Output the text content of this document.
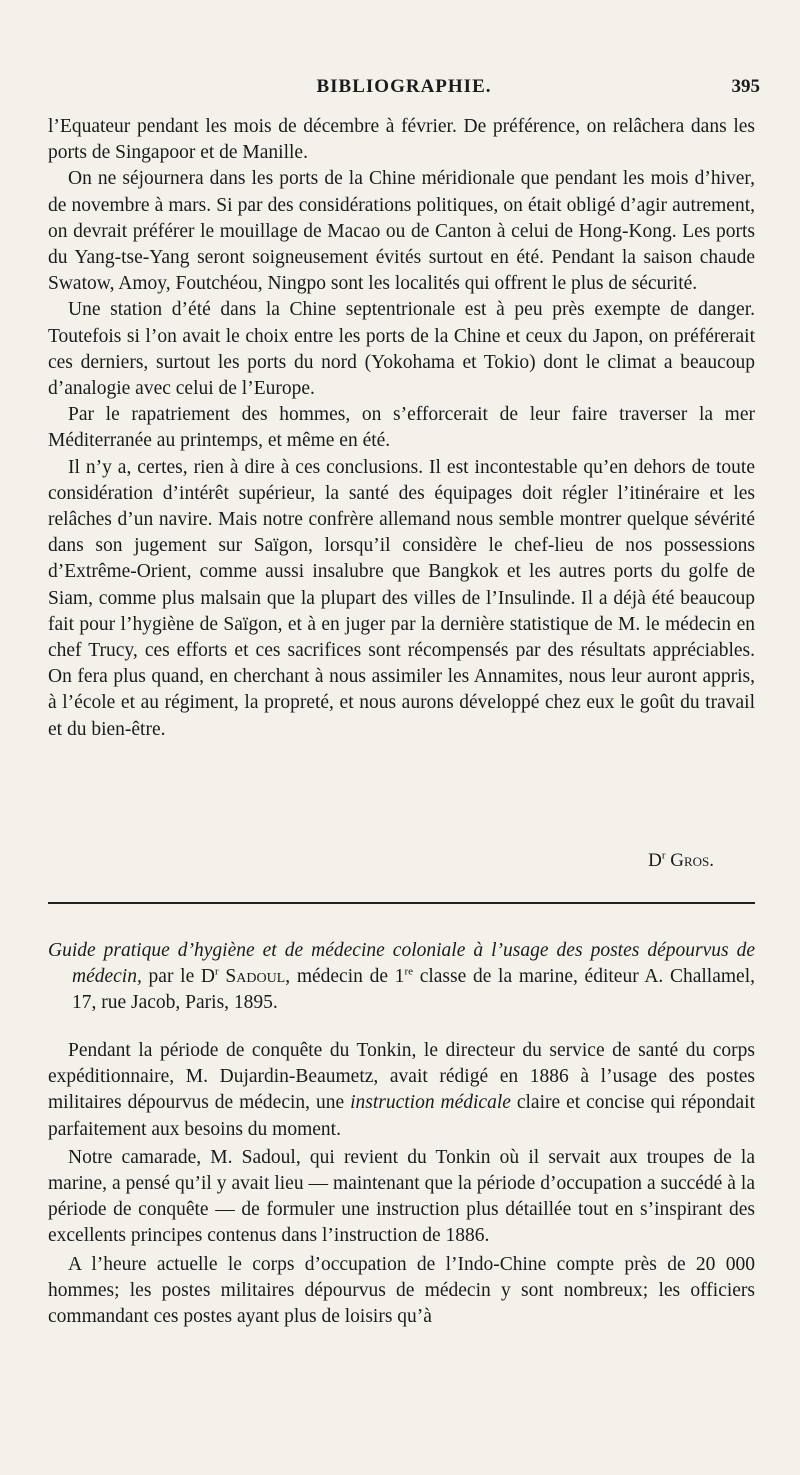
BIBLIOGRAPHIE.	395

l’Equateur pendant les mois de décembre à février. De préférence, on relâchera dans les ports de Singapoor et de Manille.

On ne séjournera dans les ports de la Chine méridionale que pendant les mois d’hiver, de novembre à mars. Si par des considérations politiques, on était obligé d’agir autrement, on devrait préférer le mouillage de Macao ou de Canton à celui de Hong-Kong. Les ports du Yang-tse-Yang seront soigneusement évités surtout en été. Pendant la saison chaude Swatow, Amoy, Foutchéou, Ningpo sont les localités qui offrent le plus de sécurité.

Une station d’été dans la Chine septentrionale est à peu près exempte de danger. Toutefois si l’on avait le choix entre les ports de la Chine et ceux du Japon, on préférerait ces derniers, surtout les ports du nord (Yokohama et Tokio) dont le climat a beaucoup d’analogie avec celui de l’Europe.

Par le rapatriement des hommes, on s’efforcerait de leur faire traverser la mer Méditerranée au printemps, et même en été.

Il n’y a, certes, rien à dire à ces conclusions. Il est incontestable qu’en dehors de toute considération d’intérêt supérieur, la santé des équipages doit régler l’itinéraire et les relâches d’un navire. Mais notre confrère allemand nous semble montrer quelque sévérité dans son jugement sur Saïgon, lorsqu’il considère le chef-lieu de nos possessions d’Extrême-Orient, comme aussi insalubre que Bangkok et les autres ports du golfe de Siam, comme plus malsain que la plupart des villes de l’Insulinde. Il a déjà été beaucoup fait pour l’hygiène de Saïgon, et à en juger par la dernière statistique de M. le médecin en chef Trucy, ces efforts et ces sacrifices sont récompensés par des résultats appréciables. On fera plus quand, en cherchant à nous assimiler les Annamites, nous leur auront appris, à l’école et au régiment, la propreté, et nous aurons développé chez eux le goût du travail et du bien-être.

$D^r$ Gros.

Guide pratique d’hygiène et de médecine coloniale à l’usage des postes dépourvus de médecin, par le $D^r$ Sadoul, médecin de 1re classe de la marine, éditeur A. Challamel, 17, rue Jacob, Paris, 1895.

Pendant la période de conquête du Tonkin, le directeur du service de santé du corps expéditionnaire, M. Dujardin-Beaumetz, avait rédigé en 1886 à l’usage des postes militaires dépourvus de médecin, une instruction médicale claire et concise qui répondait parfaitement aux besoins du moment.

Notre camarade, M. Sadoul, qui revient du Tonkin où il servait aux troupes de la marine, a pensé qu’il y avait lieu — maintenant que la période d’occupation a succédé à la période de conquête — de formuler une instruction plus détaillée tout en s’inspirant des excellents principes contenus dans l’instruction de 1886.

A l’heure actuelle le corps d’occupation de l’Indo-Chine compte près de 20 000 hommes; les postes militaires dépourvus de médecin y sont nombreux; les officiers commandant ces postes ayant plus de loisirs qu’à
